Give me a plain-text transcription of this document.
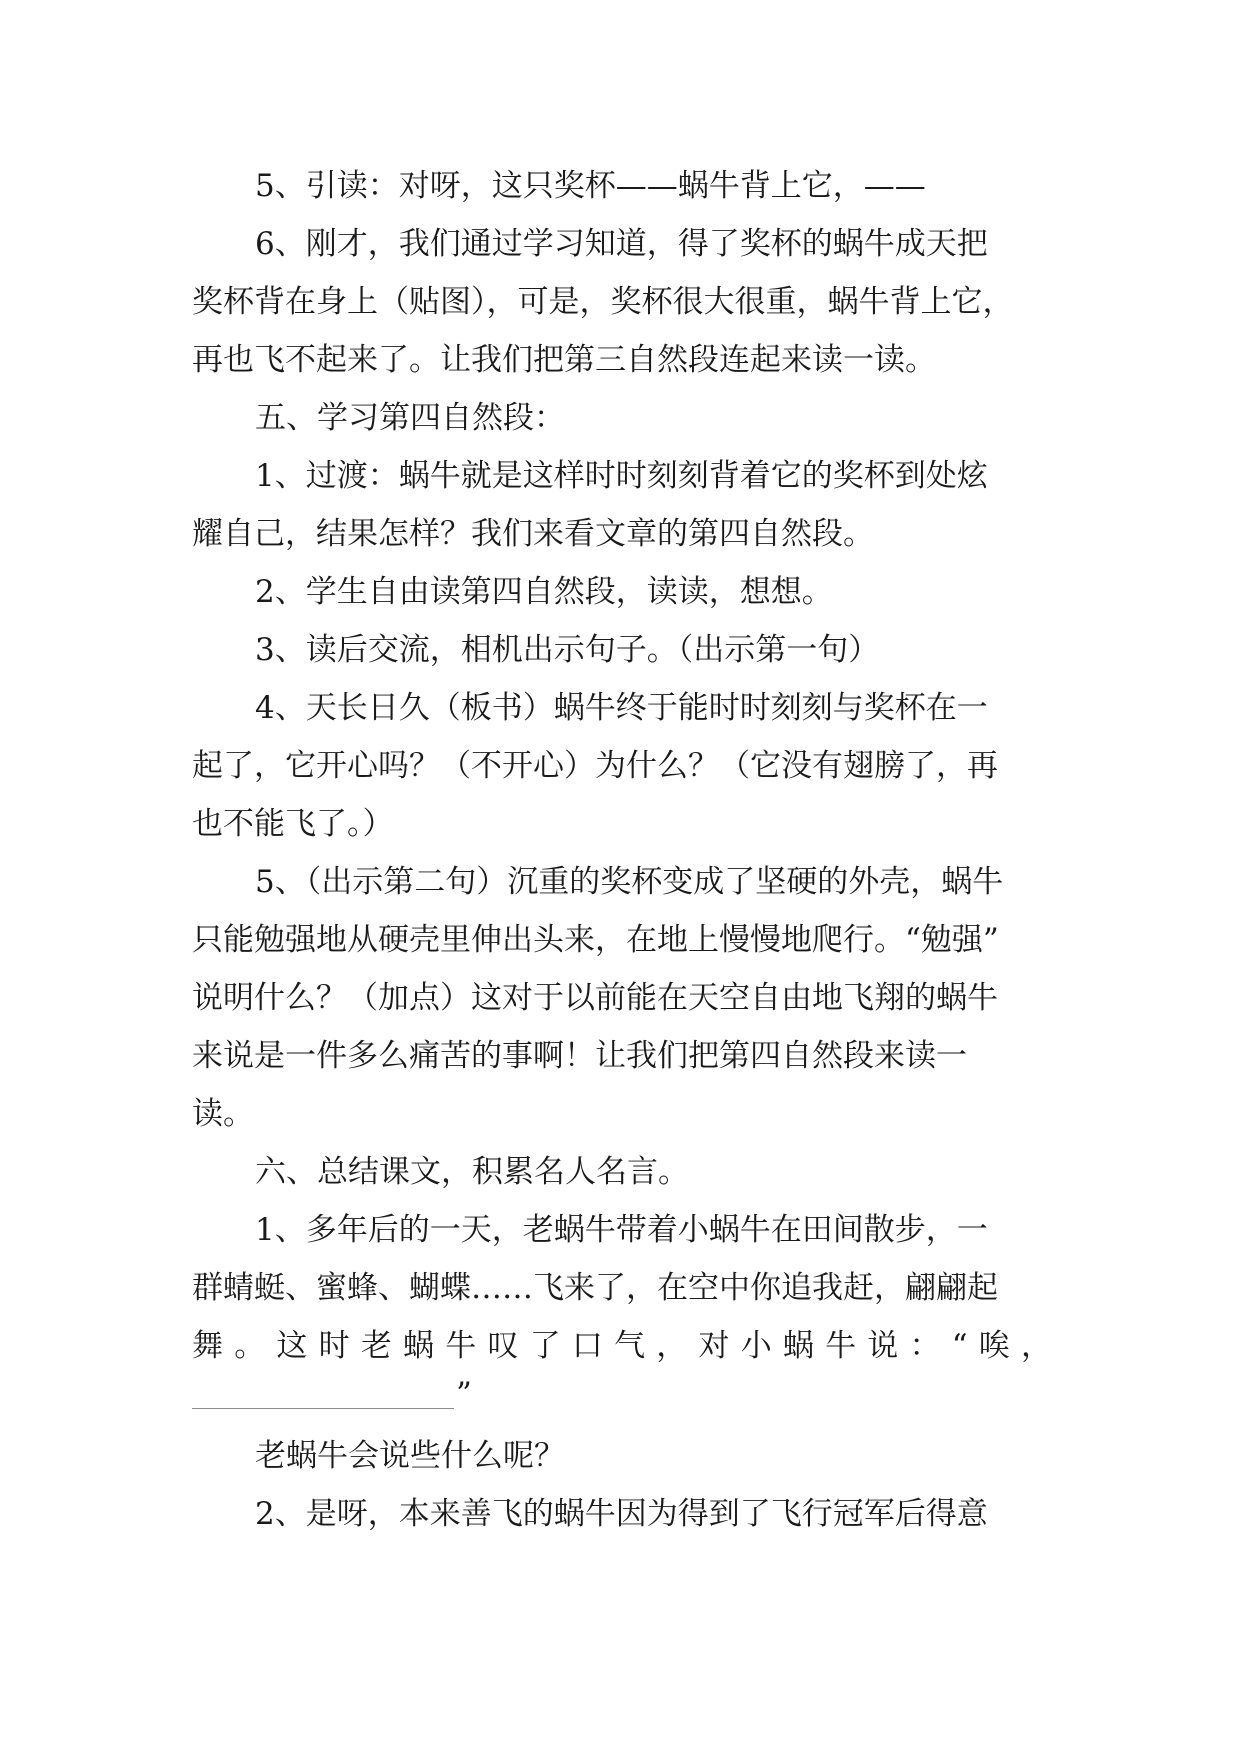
5、引读：对呀，这只奖杯——蜗牛背上它，——
6、刚才，我们通过学习知道，得了奖杯的蜗牛成天把
奖杯背在身上（贴图），可是，奖杯很大很重，蜗牛背上它，
再也飞不起来了。让我们把第三自然段连起来读一读。
五、学习第四自然段：
1、过渡：蜗牛就是这样时时刻刻背着它的奖杯到处炫
耀自己，结果怎样？我们来看文章的第四自然段。
2、学生自由读第四自然段，读读，想想。
3、读后交流，相机出示句子。（出示第一句）
4、天长日久（板书）蜗牛终于能时时刻刻与奖杯在一
起了，它开心吗？（不开心）为什么？（它没有翅膀了，再
也不能飞了。）
5、（出示第二句）沉重的奖杯变成了坚硬的外壳，蜗牛
只能勉强地从硬壳里伸出头来，在地上慢慢地爬行。“勉强”
说明什么？（加点）这对于以前能在天空自由地飞翔的蜗牛
来说是一件多么痛苦的事啊！让我们把第四自然段来读一
读。
六、总结课文，积累名人名言。
1、多年后的一天，老蜗牛带着小蜗牛在田间散步，一
群蜻蜓、蜜蜂、蝴蝶……飞来了，在空中你追我赶，翩翩起
舞。这时老蜗牛叹了口气，对小蜗牛说：“唉，
”
老蜗牛会说些什么呢？
2、是呀，本来善飞的蜗牛因为得到了飞行冠军后得意
